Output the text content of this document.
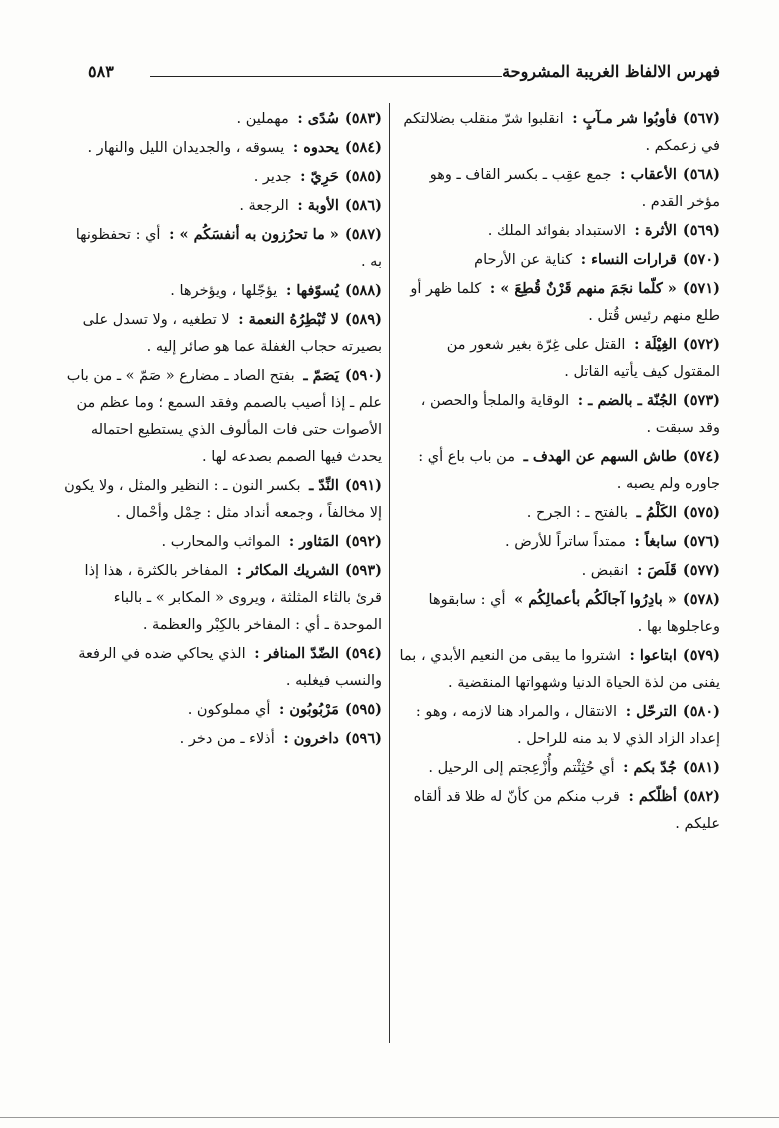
فهرس الالفاظ الغريبة المشروحة
٥٨٣
(٥٦٧)فأوبُوا شر مـآبٍ : انقلبوا شرّ منقلب بضلالتكم في زعمكم .
(٥٦٨)الأعقاب : جمع عقِب ـ بكسر القاف ـ وهو مؤخر القدم .
(٥٦٩)الأثرة : الاستبداد بفوائد الملك .
(٥٧٠)قرارات النساء : كناية عن الأرحام
(٥٧١)« كلّما نجَمَ منهم قَرْنٌ قُطِعَ » : كلما ظهر أو طلع منهم رئيس قُتل .
(٥٧٢)الغِيْلَة : القتل على غِرّة بغير شعور من المقتول كيف يأتيه القاتل .
(٥٧٣)الجُنّة ـ بالضم ـ : الوقاية والملجأ والحصن ، وقد سبقت .
(٥٧٤)طاش السهم عن الهدف ـ من باب باع أي : جاوره ولم يصبه .
(٥٧٥)الكَلْمُ ـ بالفتح ـ : الجرح .
(٥٧٦)سابغاً : ممتداً ساتراً للأرض .
(٥٧٧)قَلَصَ : انقبض .
(٥٧٨)« بادِرُوا آجالَكُم بأعمالِكُم » أي : سابقوها وعاجلوها بها .
(٥٧٩)ابتاعوا : اشتروا ما يبقى من النعيم الأبدي ، بما يفنى من لذة الحياة الدنيا وشهواتها المنقضية .
(٥٨٠)الترحّل : الانتقال ، والمراد هنا لازمه ، وهو : إعداد الزاد الذي لا بد منه للراحل .
(٥٨١)جُدّ بكم : أي حُثِثْتم وأُزْعِجتم إلى الرحيل .
(٥٨٢)أظلّكم : قرب منكم من كأنّ له ظلا قد ألقاه عليكم .
(٥٨٣)سُدًى : مهملين .
(٥٨٤)يحدوه : يسوقه ، والجديدان الليل والنهار .
(٥٨٥)حَرِيّ : جدير .
(٥٨٦)الأوبة : الرجعة .
(٥٨٧)« ما تحرُزون به أنفسَكُم » : أي : تحفظونها به .
(٥٨٨)يُسوّفها : يؤجّلها ، ويؤخرها .
(٥٨٩)لا تُبْطِرُهُ النعمة : لا تطغيه ، ولا تسدل على بصيرته حجاب الغفلة عما هو صائر إليه .
(٥٩٠)يَصَمّ ـ بفتح الصاد ـ مضارع « صَمّ » ـ من باب علم ـ إذا أصيب بالصمم وفقد السمع ؛ وما عظم من الأصوات حتى فات المألوف الذي يستطيع احتماله يحدث فيها الصمم بصدعه لها .
(٥٩١)النِّدّ ـ بكسر النون ـ : النظير والمثل ، ولا يكون إلا مخالفاً ، وجمعه أنداد مثل : حِمْل وأحْمال .
(٥٩٢)المَثاور : المواثب والمحارب .
(٥٩٣)الشريك المكاثر : المفاخر بالكثرة ، هذا إذا قرئ بالثاء المثلثة ، ويروى « المكابر » ـ بالباء الموحدة ـ أي : المفاخر بالكِبْر والعظمة .
(٥٩٤)الضّدّ المنافر : الذي يحاكي ضده في الرفعة والنسب فيغلبه .
(٥٩٥)مَرْبُوبُون : أي مملوكون .
(٥٩٦)داخرون : أذلاء ـ من دخر .
